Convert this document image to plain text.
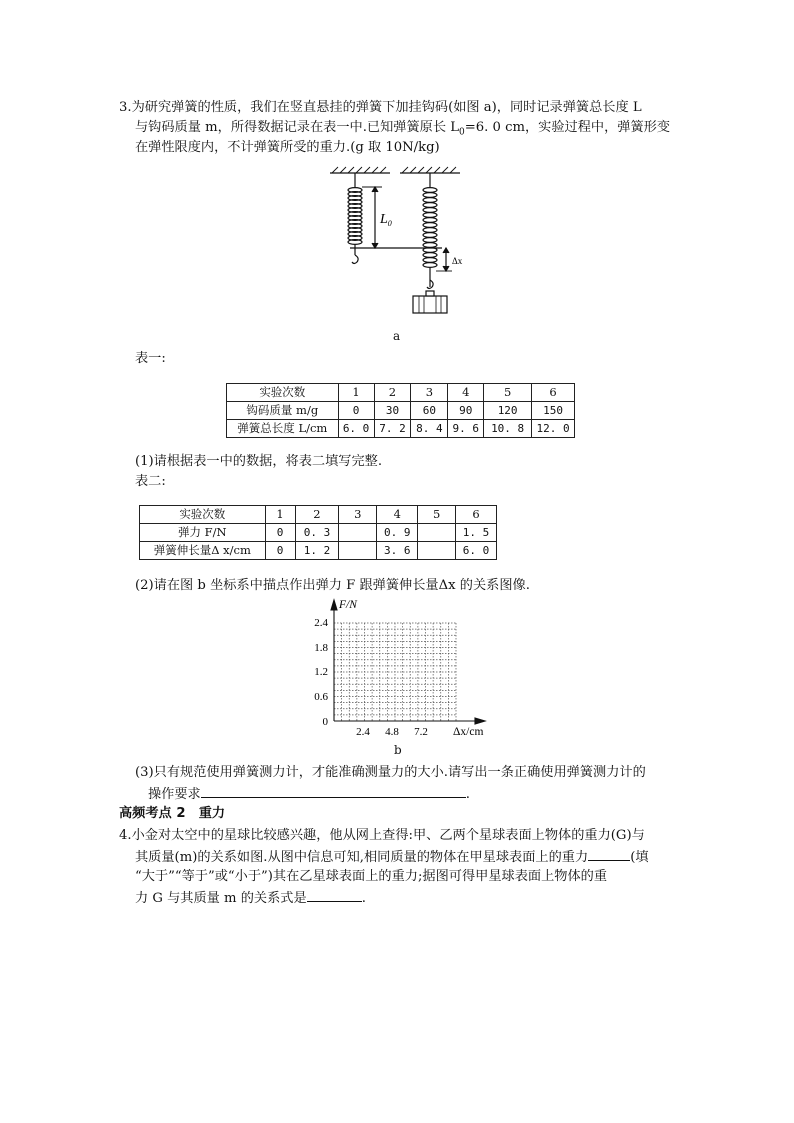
3.为研究弹簧的性质，我们在竖直悬挂的弹簧下加挂钩码(如图 a)，同时记录弹簧总长度 L
与钩码质量 m，所得数据记录在表一中.已知弹簧原长 $L_0=6$. 0 cm，实验过程中，弹簧形变
在弹性限度内，不计弹簧所受的重力.(g 取 10N/kg)
$L_0$
Δx
a
表一:
实验次数	1	2	3	4	5	6
钩码质量 m/g	0	30	60	90	120	150
弹簧总长度 L/cm	6. 0	7. 2	8. 4	9. 6	10. 8	12. 0
(1)请根据表一中的数据，将表二填写完整.
表二:
实验次数	1	2	3	4	5	6
弹力 F/N	0	0. 3		0. 9		1. 5
弹簧伸长量Δ x/cm	0	1. 2		3. 6		6. 0
(2)请在图 b 坐标系中描点作出弹力 F 跟弹簧伸长量Δx 的关系图像.
F/N
Δx/cm
2.4
1.8
1.2
0.6
0
2.4 4.8 7.2
b
(3)只有规范使用弹簧测力计，才能准确测量力的大小.请写出一条正确使用弹簧测力计的
操作要求	.
高频考点 2　重力
4.小金对太空中的星球比较感兴趣，他从网上查得:甲、乙两个星球表面上物体的重力(G)与
其质量(m)的关系如图.从图中信息可知,相同质量的物体在甲星球表面上的重力	(填
“大于”“等于”或“小于”)其在乙星球表面上的重力;据图可得甲星球表面上物体的重
力 G 与其质量 m 的关系式是	.
